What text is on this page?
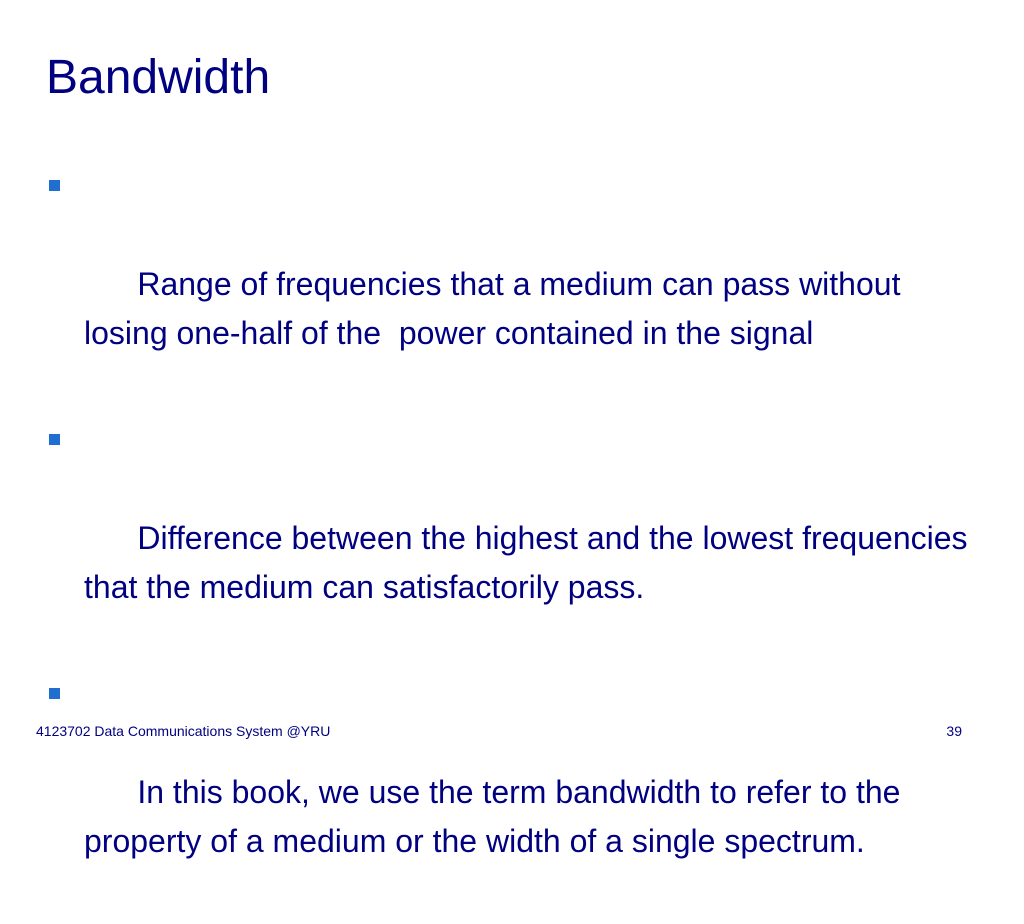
Bandwidth

Range of frequencies that a medium can pass without losing one-half of the  power contained in the signal

Difference between the highest and the lowest frequencies that the medium can satisfactorily pass.

In this book, we use the term bandwidth to refer to the property of a medium or the width of a single spectrum.

4123702 Data Communications System @YRU	39
